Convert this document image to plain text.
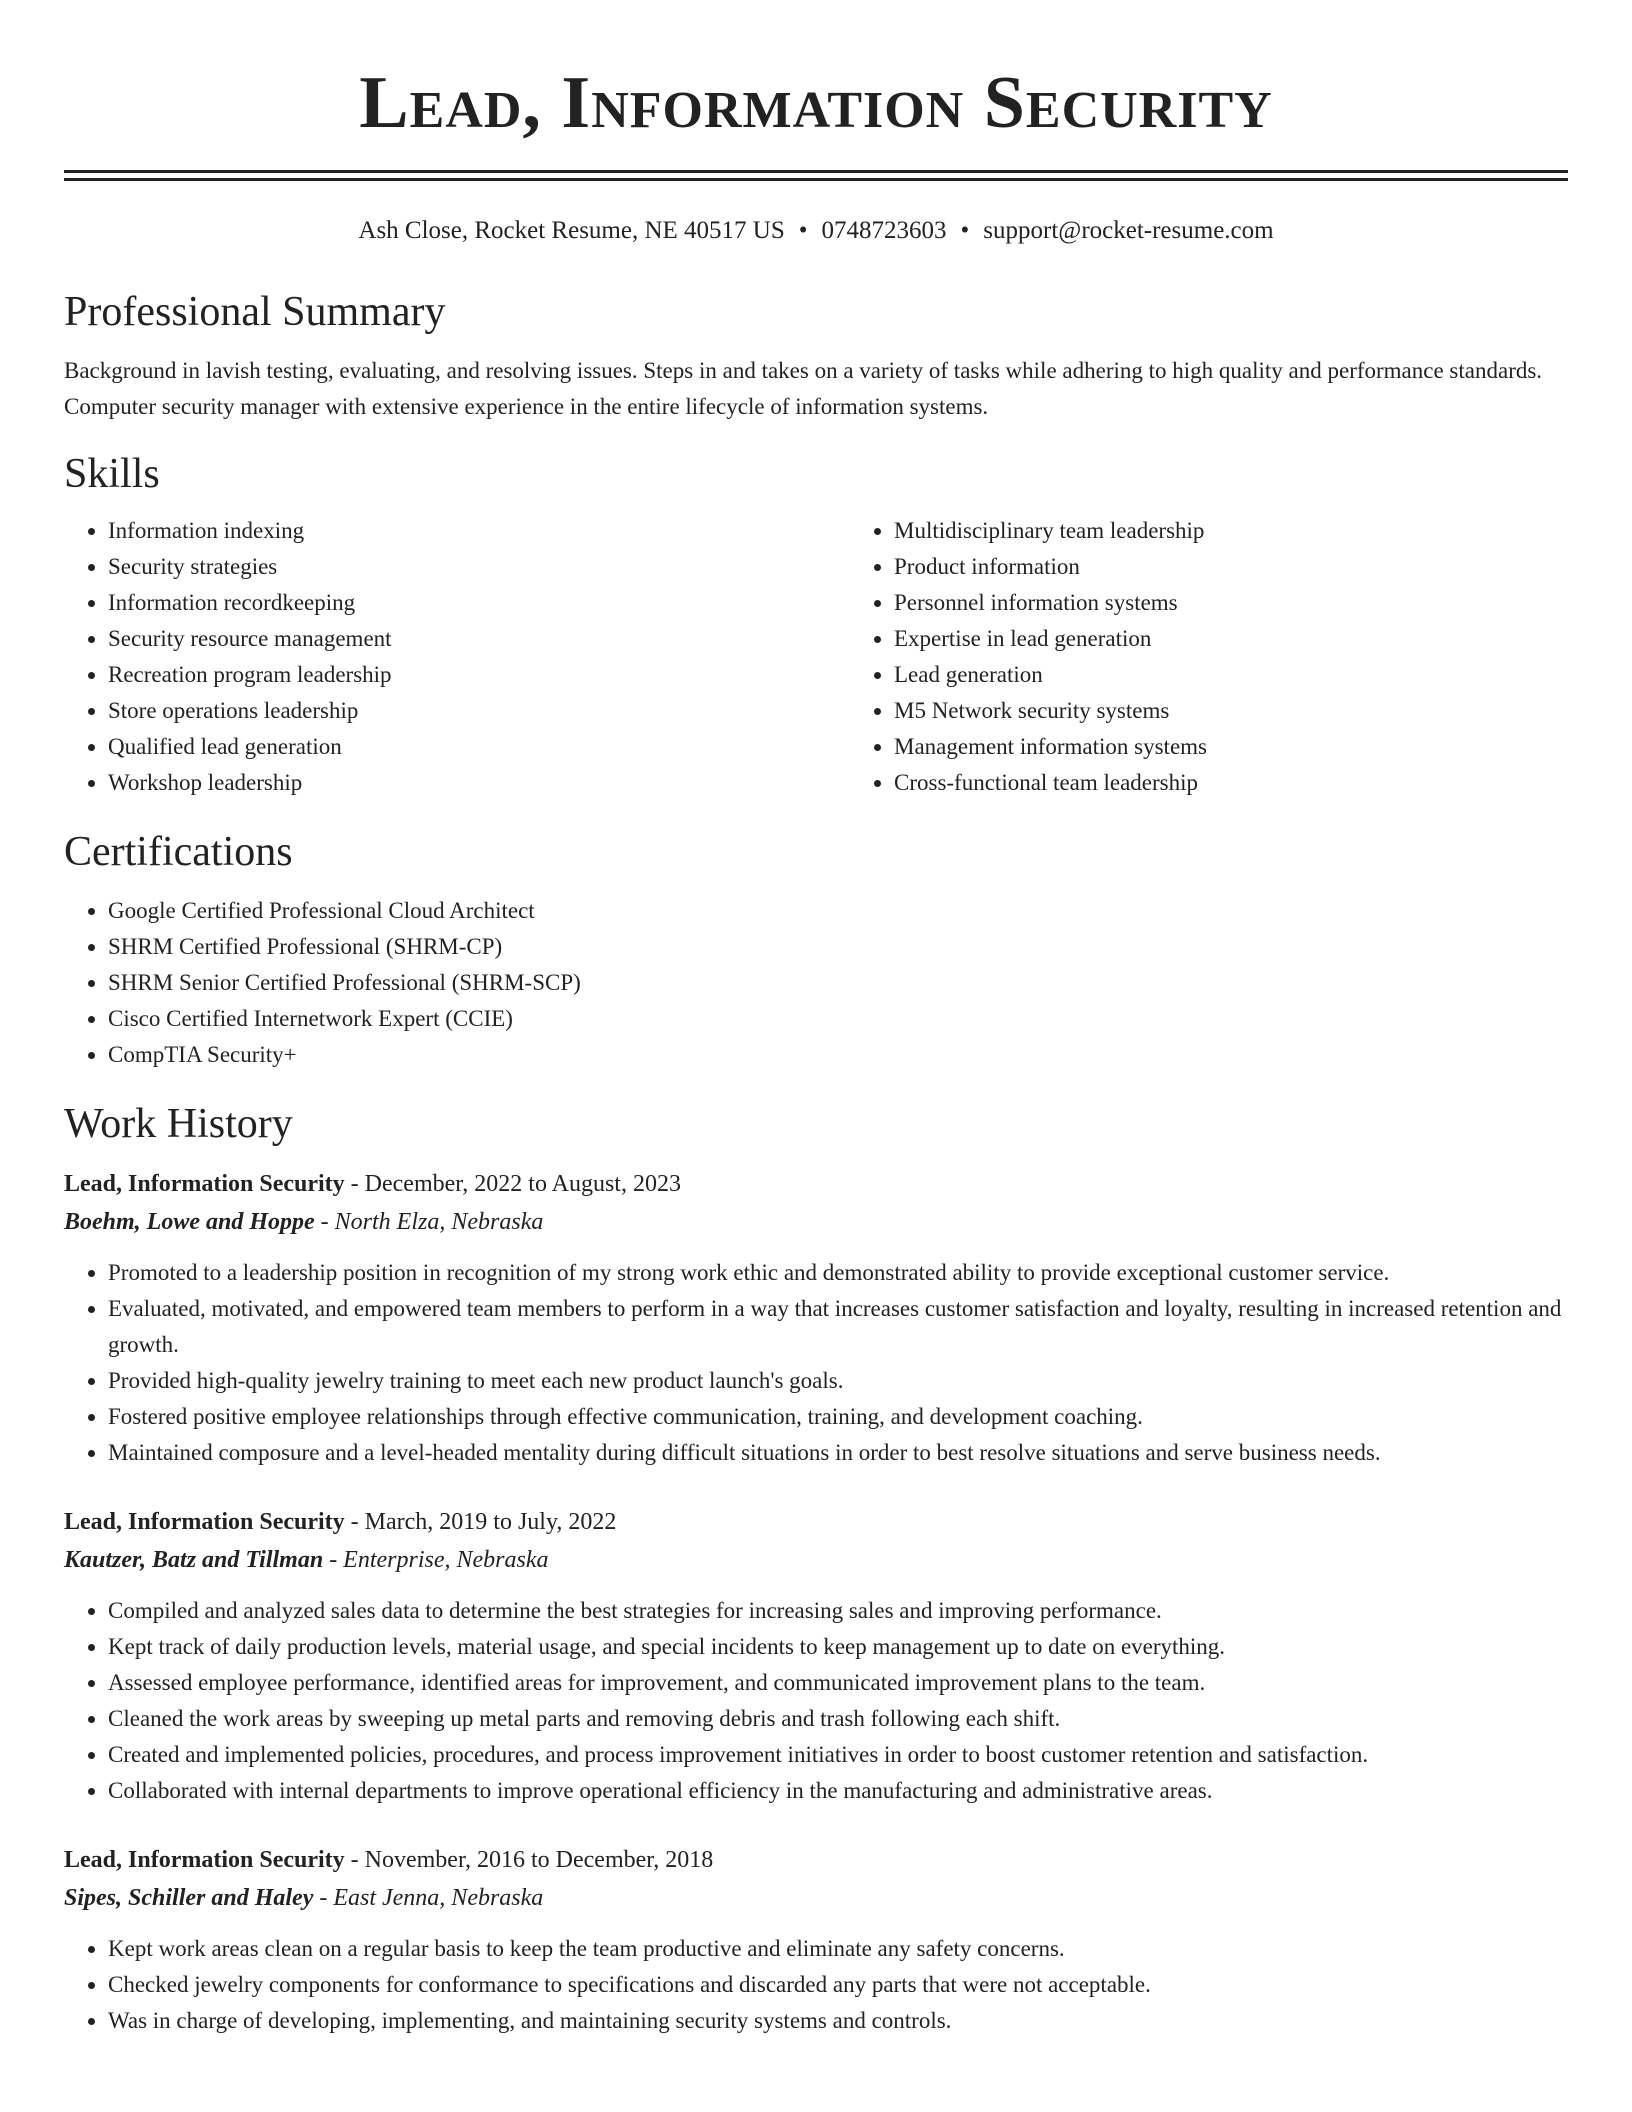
Lead, Information Security
Ash Close, Rocket Resume, NE 40517 US • 0748723603 • support@rocket-resume.com
Professional Summary
Background in lavish testing, evaluating, and resolving issues. Steps in and takes on a variety of tasks while adhering to high quality and performance standards. Computer security manager with extensive experience in the entire lifecycle of information systems.
Skills
• Information indexing
• Security strategies
• Information recordkeeping
• Security resource management
• Recreation program leadership
• Store operations leadership
• Qualified lead generation
• Workshop leadership
• Multidisciplinary team leadership
• Product information
• Personnel information systems
• Expertise in lead generation
• Lead generation
• M5 Network security systems
• Management information systems
• Cross-functional team leadership
Certifications
• Google Certified Professional Cloud Architect
• SHRM Certified Professional (SHRM-CP)
• SHRM Senior Certified Professional (SHRM-SCP)
• Cisco Certified Internetwork Expert (CCIE)
• CompTIA Security+
Work History
Lead, Information Security - December, 2022 to August, 2023
Boehm, Lowe and Hoppe - North Elza, Nebraska
• Promoted to a leadership position in recognition of my strong work ethic and demonstrated ability to provide exceptional customer service.
• Evaluated, motivated, and empowered team members to perform in a way that increases customer satisfaction and loyalty, resulting in increased retention and growth.
• Provided high-quality jewelry training to meet each new product launch's goals.
• Fostered positive employee relationships through effective communication, training, and development coaching.
• Maintained composure and a level-headed mentality during difficult situations in order to best resolve situations and serve business needs.
Lead, Information Security - March, 2019 to July, 2022
Kautzer, Batz and Tillman - Enterprise, Nebraska
• Compiled and analyzed sales data to determine the best strategies for increasing sales and improving performance.
• Kept track of daily production levels, material usage, and special incidents to keep management up to date on everything.
• Assessed employee performance, identified areas for improvement, and communicated improvement plans to the team.
• Cleaned the work areas by sweeping up metal parts and removing debris and trash following each shift.
• Created and implemented policies, procedures, and process improvement initiatives in order to boost customer retention and satisfaction.
• Collaborated with internal departments to improve operational efficiency in the manufacturing and administrative areas.
Lead, Information Security - November, 2016 to December, 2018
Sipes, Schiller and Haley - East Jenna, Nebraska
• Kept work areas clean on a regular basis to keep the team productive and eliminate any safety concerns.
• Checked jewelry components for conformance to specifications and discarded any parts that were not acceptable.
• Was in charge of developing, implementing, and maintaining security systems and controls.
